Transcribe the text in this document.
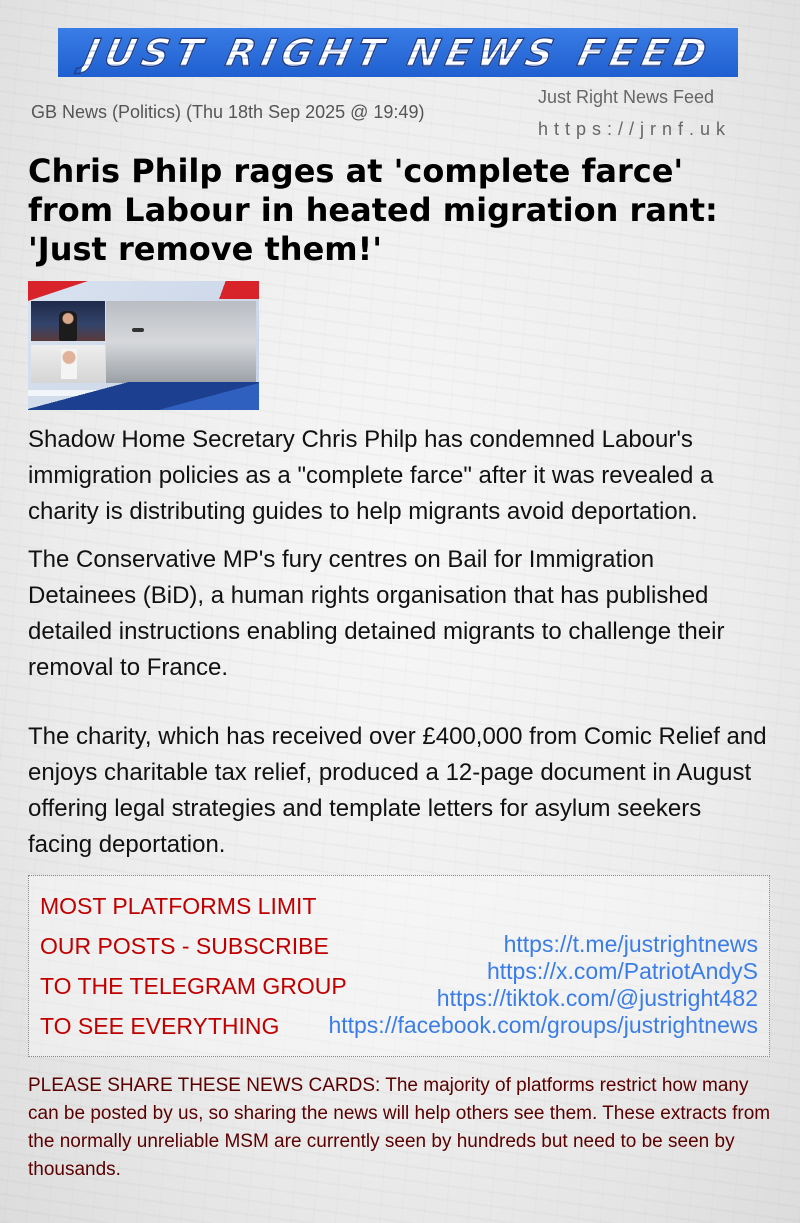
JUST RIGHT NEWS FEED
GB News (Politics) (Thu 18th Sep 2025 @ 19:49)
Just Right News Feed
https://jrnf.uk
Chris Philp rages at 'complete farce' from Labour in heated migration rant: 'Just remove them!'

Shadow Home Secretary Chris Philp has condemned Labour's immigration policies as a "complete farce" after it was revealed a charity is distributing guides to help migrants avoid deportation.

The Conservative MP's fury centres on Bail for Immigration Detainees (BiD), a human rights organisation that has published detailed instructions enabling detained migrants to challenge their removal to France.

The charity, which has received over £400,000 from Comic Relief and enjoys charitable tax relief, produced a 12-page document in August offering legal strategies and template letters for asylum seekers facing deportation.

MOST PLATFORMS LIMIT
OUR POSTS - SUBSCRIBE
TO THE TELEGRAM GROUP
TO SEE EVERYTHING
https://t.me/justrightnews
https://x.com/PatriotAndyS
https://tiktok.com/@justright482
https://facebook.com/groups/justrightnews

PLEASE SHARE THESE NEWS CARDS: The majority of platforms restrict how many can be posted by us, so sharing the news will help others see them. These extracts from the normally unreliable MSM are currently seen by hundreds but need to be seen by thousands.
